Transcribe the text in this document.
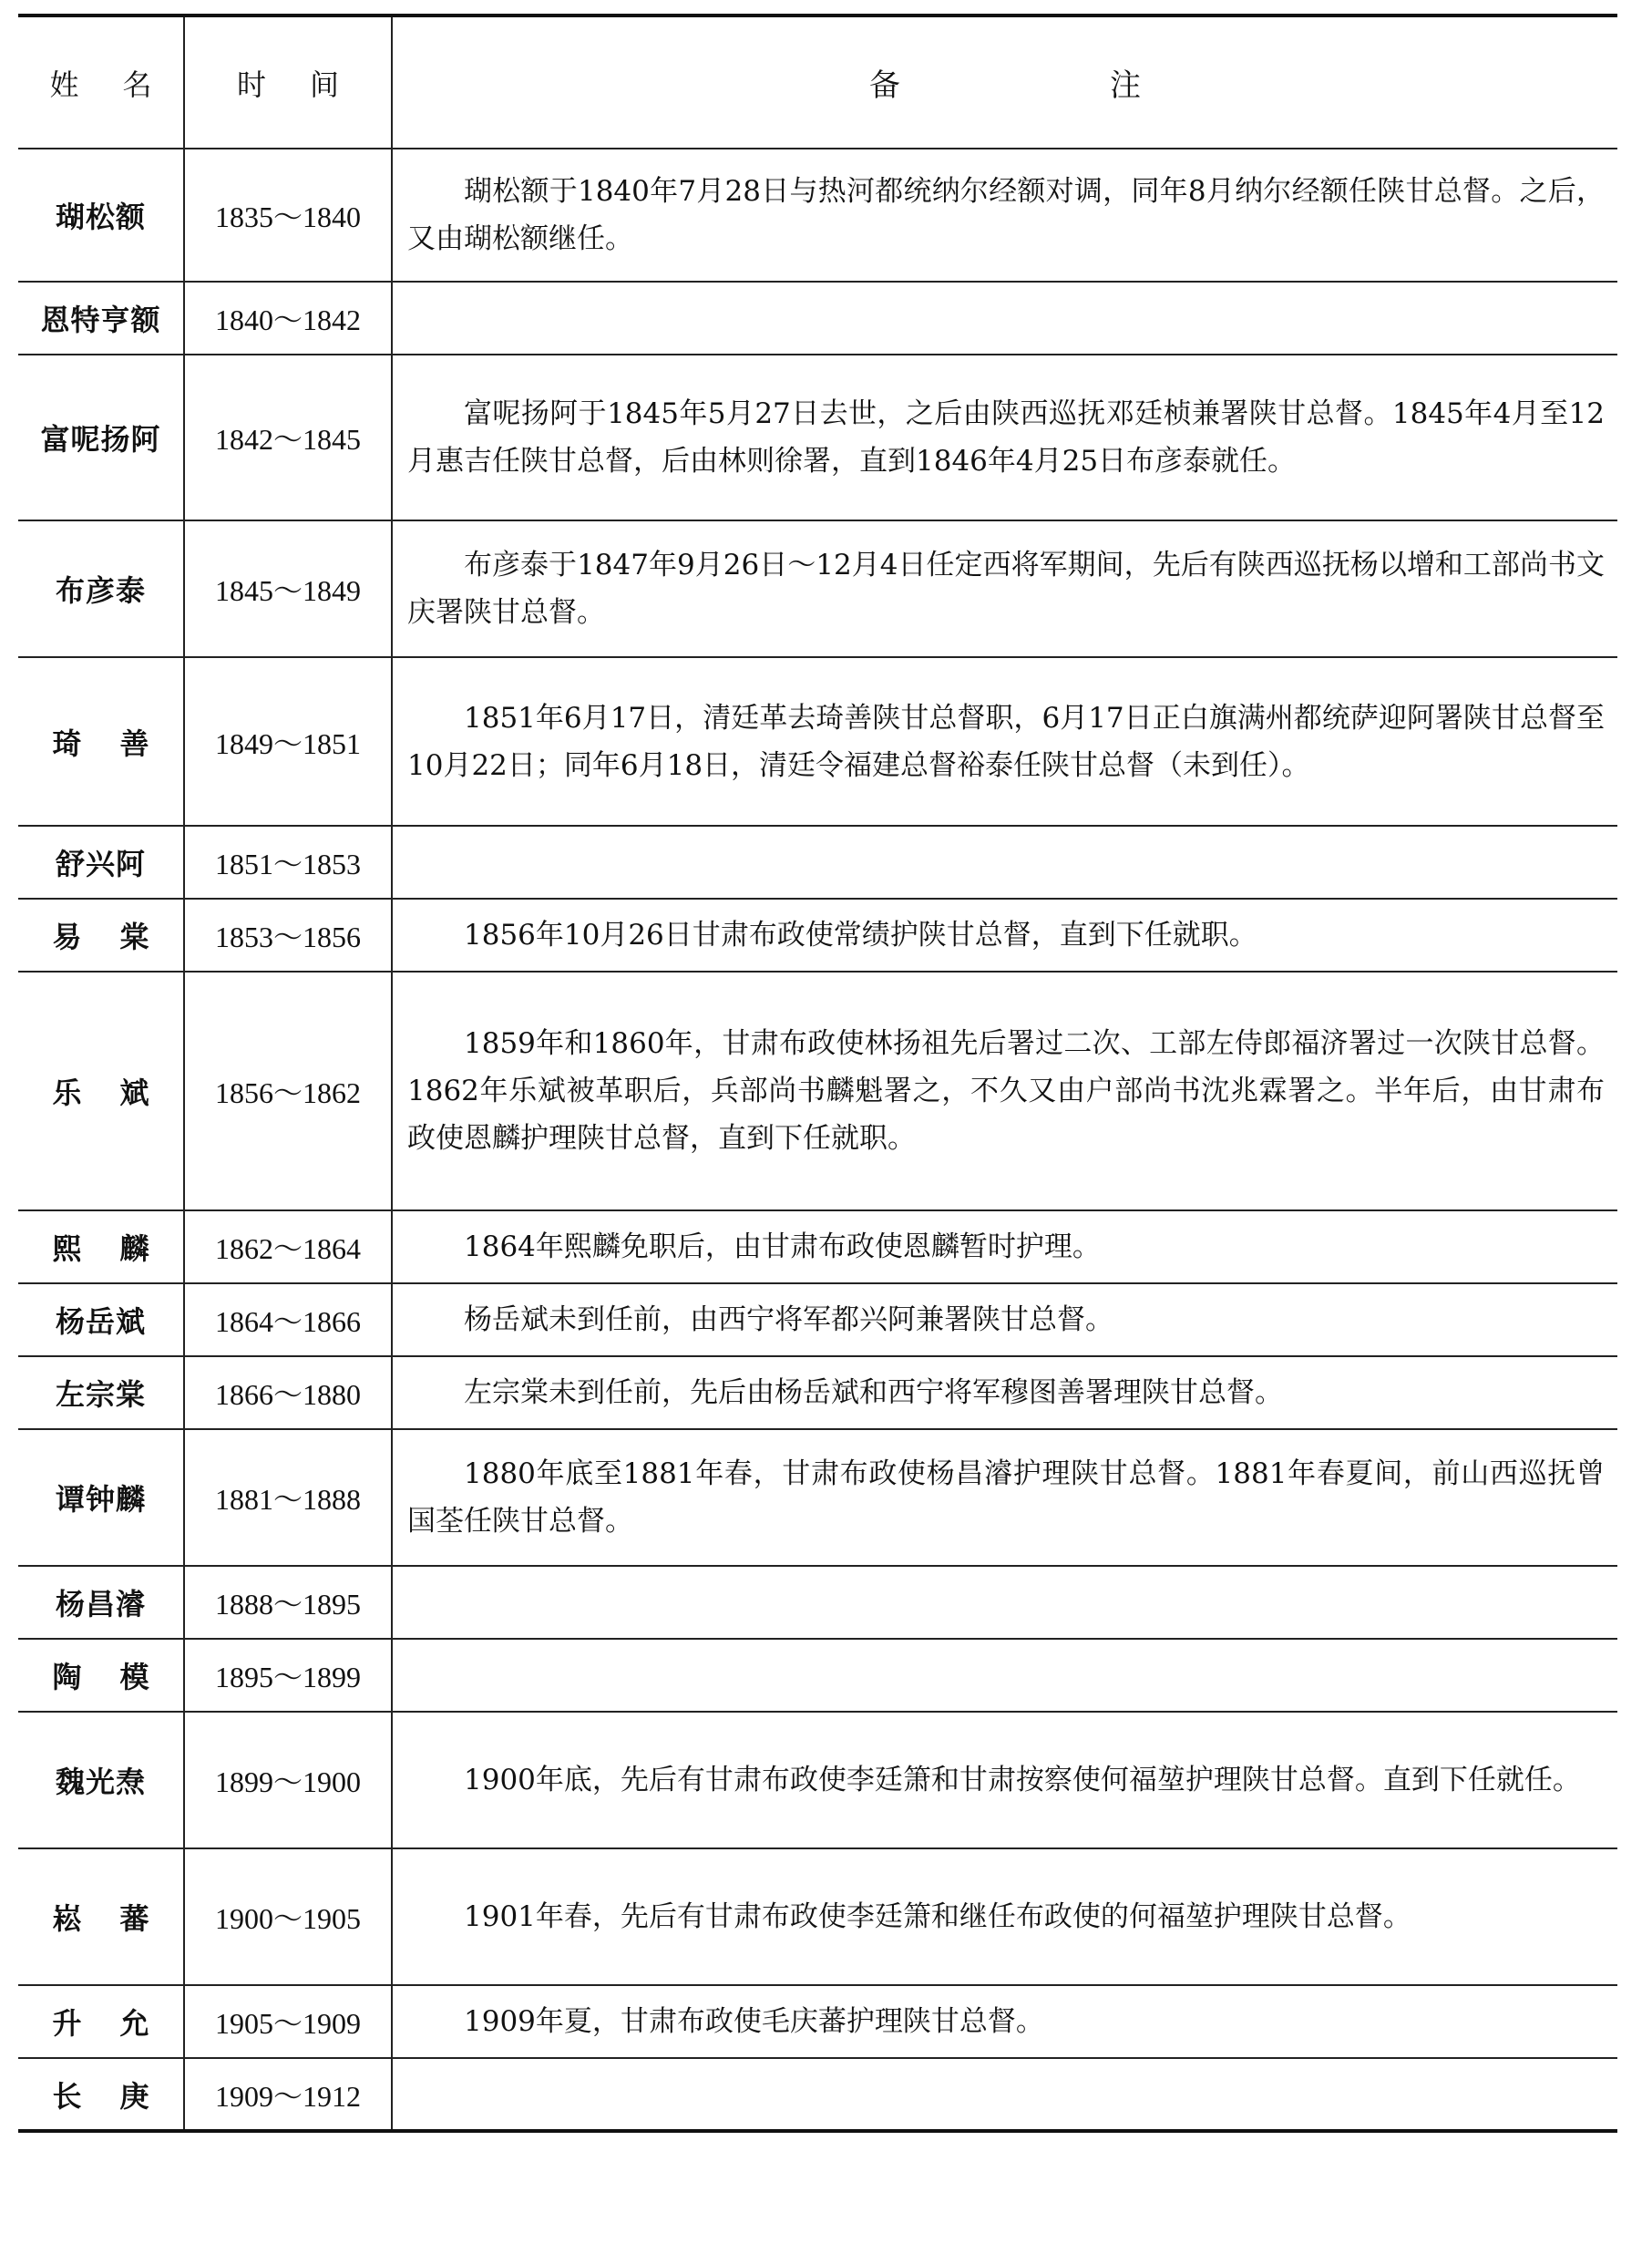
姓名	时间	备注
瑚松额	1835～1840	瑚松额于1840年7月28日与热河都统纳尔经额对调，同年8月纳尔经额任陕甘总督。之后，又由瑚松额继任。

恩特亨额	1840～1842	

富呢扬阿	1842～1845	富呢扬阿于1845年5月27日去世，之后由陕西巡抚邓廷桢兼署陕甘总督。1845年4月至12月惠吉任陕甘总督，后由林则徐署，直到1846年4月25日布彦泰就任。

布彦泰	1845～1849	布彦泰于1847年9月26日～12月4日任定西将军期间，先后有陕西巡抚杨以增和工部尚书文庆署陕甘总督。

琦善	1849～1851	1851年6月17日，清廷革去琦善陕甘总督职，6月17日正白旗满州都统萨迎阿署陕甘总督至10月22日；同年6月18日，清廷令福建总督裕泰任陕甘总督（未到任）。

舒兴阿	1851～1853	

易棠	1853～1856	1856年10月26日甘肃布政使常绩护陕甘总督，直到下任就职。

乐斌	1856～1862	1859年和1860年，甘肃布政使林扬祖先后署过二次、工部左侍郎福济署过一次陕甘总督。1862年乐斌被革职后，兵部尚书麟魁署之，不久又由户部尚书沈兆霖署之。半年后，由甘肃布政使恩麟护理陕甘总督，直到下任就职。

熙麟	1862～1864	1864年熙麟免职后，由甘肃布政使恩麟暂时护理。

杨岳斌	1864～1866	杨岳斌未到任前，由西宁将军都兴阿兼署陕甘总督。

左宗棠	1866～1880	左宗棠未到任前，先后由杨岳斌和西宁将军穆图善署理陕甘总督。

谭钟麟	1881～1888	1880年底至1881年春，甘肃布政使杨昌濬护理陕甘总督。1881年春夏间，前山西巡抚曾国荃任陕甘总督。

杨昌濬	1888～1895	

陶模	1895～1899	

魏光焘	1899～1900	1900年底，先后有甘肃布政使李廷箫和甘肃按察使何福堃护理陕甘总督。直到下任就任。

崧蕃	1900～1905	1901年春，先后有甘肃布政使李廷箫和继任布政使的何福堃护理陕甘总督。

升允	1905～1909	1909年夏，甘肃布政使毛庆蕃护理陕甘总督。

长庚	1909～1912	
